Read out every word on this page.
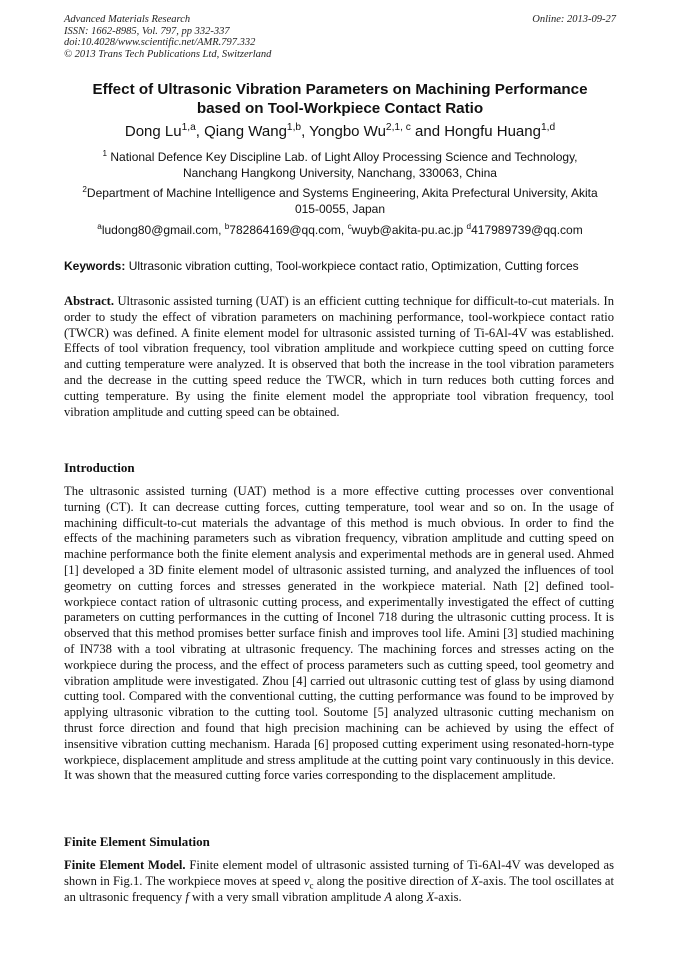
Advanced Materials Research
ISSN: 1662-8985, Vol. 797, pp 332-337
doi:10.4028/www.scientific.net/AMR.797.332
© 2013 Trans Tech Publications Ltd, Switzerland
Online: 2013-09-27
Effect of Ultrasonic Vibration Parameters on Machining Performance
based on Tool-Workpiece Contact Ratio
Dong Lu$^{1,a}$, Qiang Wang$^{1,b}$, Yongbo Wu$^{2,1, c}$ and Hongfu Huang$^{1,d}$
$^1$ National Defence Key Discipline Lab. of Light Alloy Processing Science and Technology,
Nanchang Hangkong University, Nanchang, 330063, China
$^2$Department of Machine Intelligence and Systems Engineering, Akita Prefectural University, Akita
015-0055, Japan
$^a$ludong80@gmail.com, $^b$782864169@qq.com, $^c$wuyb@akita-pu.ac.jp $^d$417989739@qq.com
Keywords: Ultrasonic vibration cutting, Tool-workpiece contact ratio, Optimization, Cutting forces
Abstract. Ultrasonic assisted turning (UAT) is an efficient cutting technique for difficult-to-cut materials. In order to study the effect of vibration parameters on machining performance, tool-workpiece contact ratio (TWCR) was defined. A finite element model for ultrasonic assisted turning of Ti-6Al-4V was established. Effects of tool vibration frequency, tool vibration amplitude and workpiece cutting speed on cutting force and cutting temperature were analyzed. It is observed that both the increase in the tool vibration parameters and the decrease in the cutting speed reduce the TWCR, which in turn reduces both cutting forces and cutting temperature. By using the finite element model the appropriate tool vibration frequency, tool vibration amplitude and cutting speed can be obtained.
Introduction
The ultrasonic assisted turning (UAT) method is a more effective cutting processes over conventional turning (CT). It can decrease cutting forces, cutting temperature, tool wear and so on. In the usage of machining difficult-to-cut materials the advantage of this method is much obvious. In order to find the effects of the machining parameters such as vibration frequency, vibration amplitude and cutting speed on machine performance both the finite element analysis and experimental methods are in general used. Ahmed [1] developed a 3D finite element model of ultrasonic assisted turning, and analyzed the influences of tool geometry on cutting forces and stresses generated in the workpiece material. Nath [2] defined tool-workpiece contact ration of ultrasonic cutting process, and experimentally investigated the effect of cutting parameters on cutting performances in the cutting of Inconel 718 during the ultrasonic cutting process. It is observed that this method promises better surface finish and improves tool life. Amini [3] studied machining of IN738 with a tool vibrating at ultrasonic frequency. The machining forces and stresses acting on the workpiece during the process, and the effect of process parameters such as cutting speed, tool geometry and vibration amplitude were investigated. Zhou [4] carried out ultrasonic cutting test of glass by using diamond cutting tool. Compared with the conventional cutting, the cutting performance was found to be improved by applying ultrasonic vibration to the cutting tool. Soutome [5] analyzed ultrasonic cutting mechanism on thrust force direction and found that high precision machining can be achieved by using the effect of insensitive vibration cutting mechanism. Harada [6] proposed cutting experiment using resonated-horn-type workpiece, displacement amplitude and stress amplitude at the cutting point vary continuously in this device. It was shown that the measured cutting force varies corresponding to the displacement amplitude.
Finite Element Simulation
Finite Element Model. Finite element model of ultrasonic assisted turning of Ti-6Al-4V was developed as shown in Fig.1. The workpiece moves at speed $v_c$ along the positive direction of X-axis. The tool oscillates at an ultrasonic frequency f with a very small vibration amplitude A along X-axis.
